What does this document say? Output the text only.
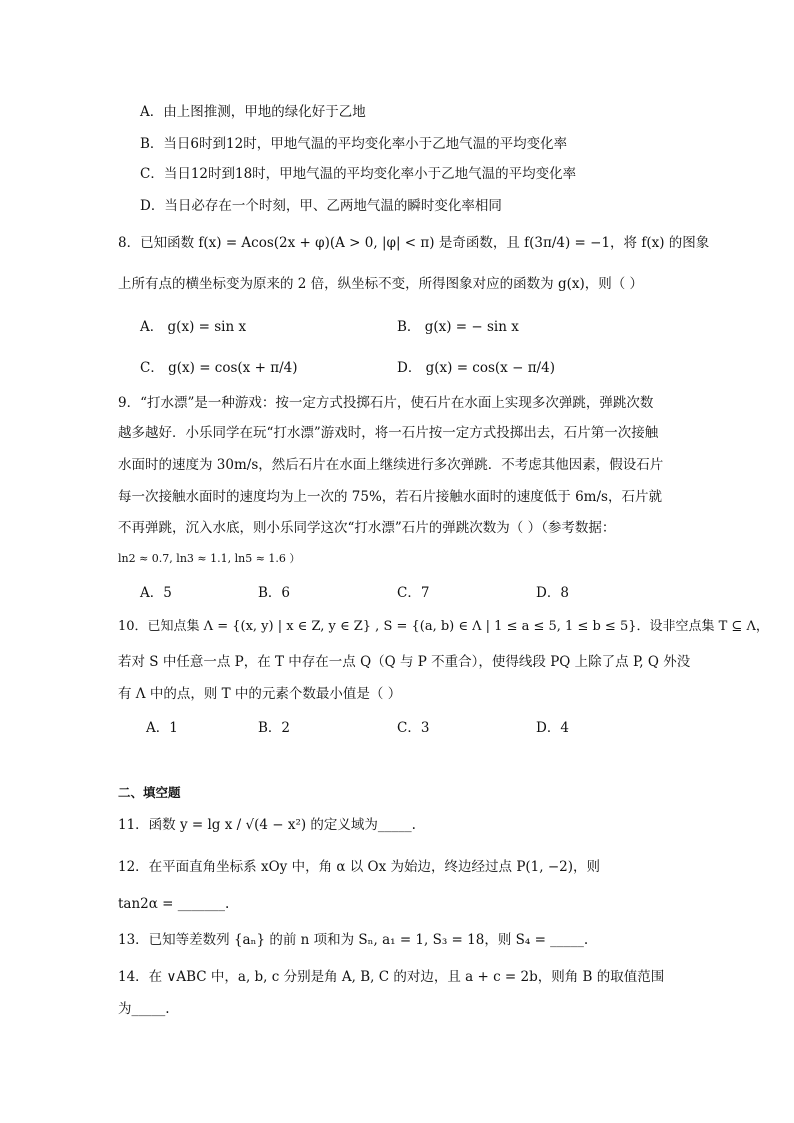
A．由上图推测，甲地的绿化好于乙地
B．当日6时到12时，甲地气温的平均变化率小于乙地气温的平均变化率
C．当日12时到18时，甲地气温的平均变化率小于乙地气温的平均变化率
D．当日必存在一个时刻，甲、乙两地气温的瞬时变化率相同
8．已知函数 f(x) = Acos(2x + φ)(A > 0, |φ| < π) 是奇函数，且 f(3π/4) = −1，将 f(x) 的图象
上所有点的横坐标变为原来的 2 倍，纵坐标不变，所得图象对应的函数为 g(x)，则（ ）
A． g(x) = sin x	B． g(x) = − sin x
C． g(x) = cos(x + π/4)	D． g(x) = cos(x − π/4)
9．“打水漂”是一种游戏：按一定方式投掷石片，使石片在水面上实现多次弹跳，弹跳次数
越多越好．小乐同学在玩“打水漂”游戏时，将一石片按一定方式投掷出去，石片第一次接触
水面时的速度为 30m/s，然后石片在水面上继续进行多次弹跳．不考虑其他因素，假设石片
每一次接触水面时的速度均为上一次的 75%，若石片接触水面时的速度低于 6m/s，石片就
不再弹跳，沉入水底，则小乐同学这次“打水漂”石片的弹跳次数为（ ）（参考数据：
ln2 ≈ 0.7, ln3 ≈ 1.1, ln5 ≈ 1.6 ）
A．5	B．6	C．7	D．8
10．已知点集 Λ = {(x, y) | x ∈ Z, y ∈ Z} , S = {(a, b) ∈ Λ | 1 ≤ a ≤ 5, 1 ≤ b ≤ 5}．设非空点集 T ⊆ Λ，
若对 S 中任意一点 P，在 T 中存在一点 Q（Q 与 P 不重合），使得线段 PQ 上除了点 P, Q 外没
有 Λ 中的点，则 T 中的元素个数最小值是（ ）
A．1	B．2	C．3	D．4
二、填空题
11．函数 y = lg x / √(4 − x²) 的定义域为_____.
12．在平面直角坐标系 xOy 中，角 α 以 Ox 为始边，终边经过点 P(1, −2)，则
tan2α = _______.
13．已知等差数列 {aₙ} 的前 n 项和为 Sₙ, a₁ = 1, S₃ = 18，则 S₄ = _____.
14．在 ∨ABC 中，a, b, c 分别是角 A, B, C 的对边，且 a + c = 2b，则角 B 的取值范围
为_____.
